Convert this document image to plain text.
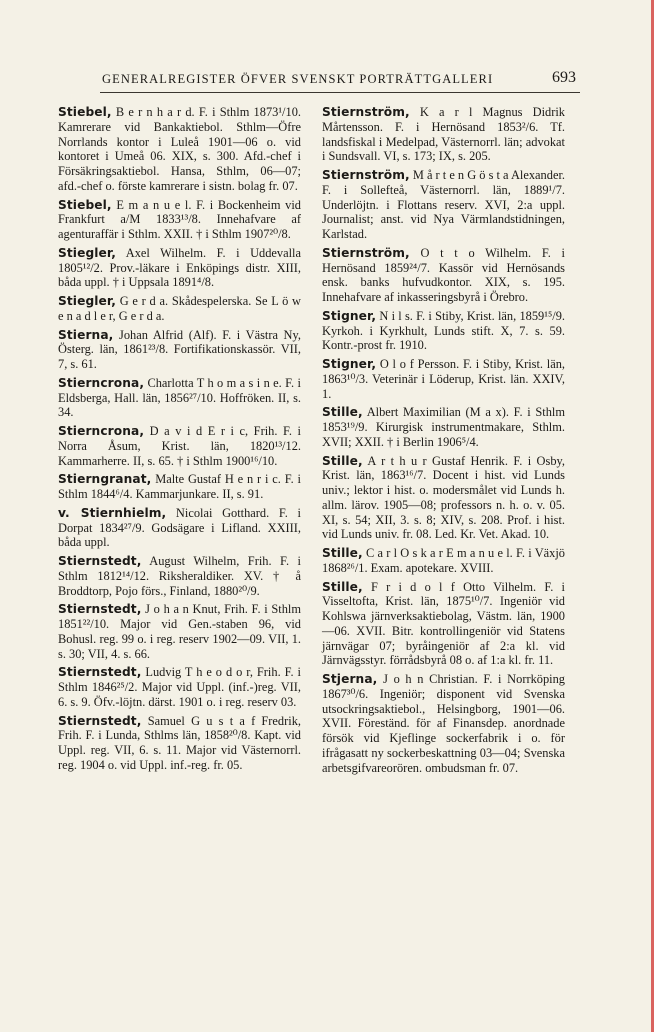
GENERALREGISTER ÖFVER SVENSKT PORTRÄTTGALLERI	693

Stiebel, B e r n h a r d. F. i Sthlm 1873¹/10. Kamrerare vid Bankaktiebol. Sthlm—Öfre Norrlands kontor i Luleå 1901—06 o. vid kontoret i Umeå 06. XIX, s. 300. Afd.-chef i Försäkringsaktiebol. Hansa, Sthlm, 06—07; afd.-chef o. förste kamrerare i sistn. bolag fr. 07.

Stiebel, E m a n u e l. F. i Bockenheim vid Frankfurt a/M 1833¹³/8. Innehafvare af agenturaffär i Sthlm. XXII. † i Sthlm 1907²⁰/8.

Stiegler, Axel Wilhelm. F. i Uddevalla 1805¹²/2. Prov.-läkare i Enköpings distr. XIII, båda uppl. † i Uppsala 1891⁴/8.

Stiegler, G e r d a. Skådespelerska. Se L ö w e n a d l e r, G e r d a.

Stierna, Johan Alfrid (Alf). F. i Västra Ny, Österg. län, 1861²³/8. Fortifikationskassör. VII, 7, s. 61.

Stierncrona, Charlotta T h o m a s i n e. F. i Eldsberga, Hall. län, 1856²⁷/10. Hoffröken. II, s. 34.

Stierncrona, D a v i d E r i c, Frih. F. i Norra Åsum, Krist. län, 1820¹³/12. Kammarherre. II, s. 65. † i Sthlm 1900¹⁶/10.

Stierngranat, Malte Gustaf H e n r i c. F. i Sthlm 1844⁶/4. Kammarjunkare. II, s. 91.

v. Stiernhielm, Nicolai Gotthard. F. i Dorpat 1834²⁷/9. Godsägare i Lifland. XXIII, båda uppl.

Stiernstedt, August Wilhelm, Frih. F. i Sthlm 1812¹⁴/12. Riksheraldiker. XV. † å Broddtorp, Pojo förs., Finland, 1880²⁰/9.

Stiernstedt, J o h a n Knut, Frih. F. i Sthlm 1851²²/10. Major vid Gen.-staben 96, vid Bohusl. reg. 99 o. i reg. reserv 1902—09. VII, 1. s. 30; VII, 4. s. 66.

Stiernstedt, Ludvig T h e o d o r, Frih. F. i Sthlm 1846²⁵/2. Major vid Uppl. (inf.-)reg. VII, 6. s. 9. Öfv.-löjtn. därst. 1901 o. i reg. reserv 03.

Stiernstedt, Samuel G u s t a f Fredrik, Frih. F. i Lunda, Sthlms län, 1858²⁰/8. Kapt. vid Uppl. reg. VII, 6. s. 11. Major vid Västernorrl. reg. 1904 o. vid Uppl. inf.-reg. fr. 05.

Stiernström, K a r l Magnus Didrik Mårtensson. F. i Hernösand 1853²/6. Tf. landsfiskal i Medelpad, Västernorrl. län; advokat i Sundsvall. VI, s. 173; IX, s. 205.

Stiernström, M å r t e n G ö s t a Alexander. F. i Sollefteå, Västernorrl. län, 1889¹/7. Underlöjtn. i Flottans reserv. XVI, 2:a uppl. Journalist; anst. vid Nya Värmlandstidningen, Karlstad.

Stiernström, O t t o Wilhelm. F. i Hernösand 1859²⁴/7. Kassör vid Hernösands ensk. banks hufvudkontor. XIX, s. 195. Innehafvare af inkasseringsbyrå i Örebro.

Stigner, N i l s. F. i Stiby, Krist. län, 1859¹⁵/9. Kyrkoh. i Kyrkhult, Lunds stift. X, 7. s. 59. Kontr.-prost fr. 1910.

Stigner, O l o f Persson. F. i Stiby, Krist. län, 1863¹⁰/3. Veterinär i Löderup, Krist. län. XXIV, 1.

Stille, Albert Maximilian (M a x). F. i Sthlm 1853¹⁹/9. Kirurgisk instrumentmakare, Sthlm. XVII; XXII. † i Berlin 1906⁵/4.

Stille, A r t h u r Gustaf Henrik. F. i Osby, Krist. län, 1863¹⁶/7. Docent i hist. vid Lunds univ.; lektor i hist. o. modersmålet vid Lunds h. allm. lärov. 1905—08; professors n. h. o. v. 05. XI, s. 54; XII, 3. s. 8; XIV, s. 208. Prof. i hist. vid Lunds univ. fr. 08. Led. Kr. Vet. Akad. 10.

Stille, C a r l O s k a r E m a n u e l. F. i Växjö 1868²⁶/1. Exam. apotekare. XVIII.

Stille, F r i d o l f Otto Vilhelm. F. i Visseltofta, Krist. län, 1875¹⁰/7. Ingeniör vid Kohlswa järnverksaktiebolag, Västm. län, 1900—06. XVII. Bitr. kontrollingeniör vid Statens järnvägar 07; byråingeniör af 2:a kl. vid Järnvägsstyr. förrådsbyrå 08 o. af 1:a kl. fr. 11.

Stjerna, J o h n Christian. F. i Norrköping 1867³⁰/6. Ingeniör; disponent vid Svenska utsockringsaktiebol., Helsingborg, 1901—06. XVII. Föreständ. för af Finansdep. anordnade försök vid Kjeflinge sockerfabrik i o. för ifrågasatt ny sockerbeskattning 03—04; Svenska arbetsgifvareorören. ombudsman fr. 07.
